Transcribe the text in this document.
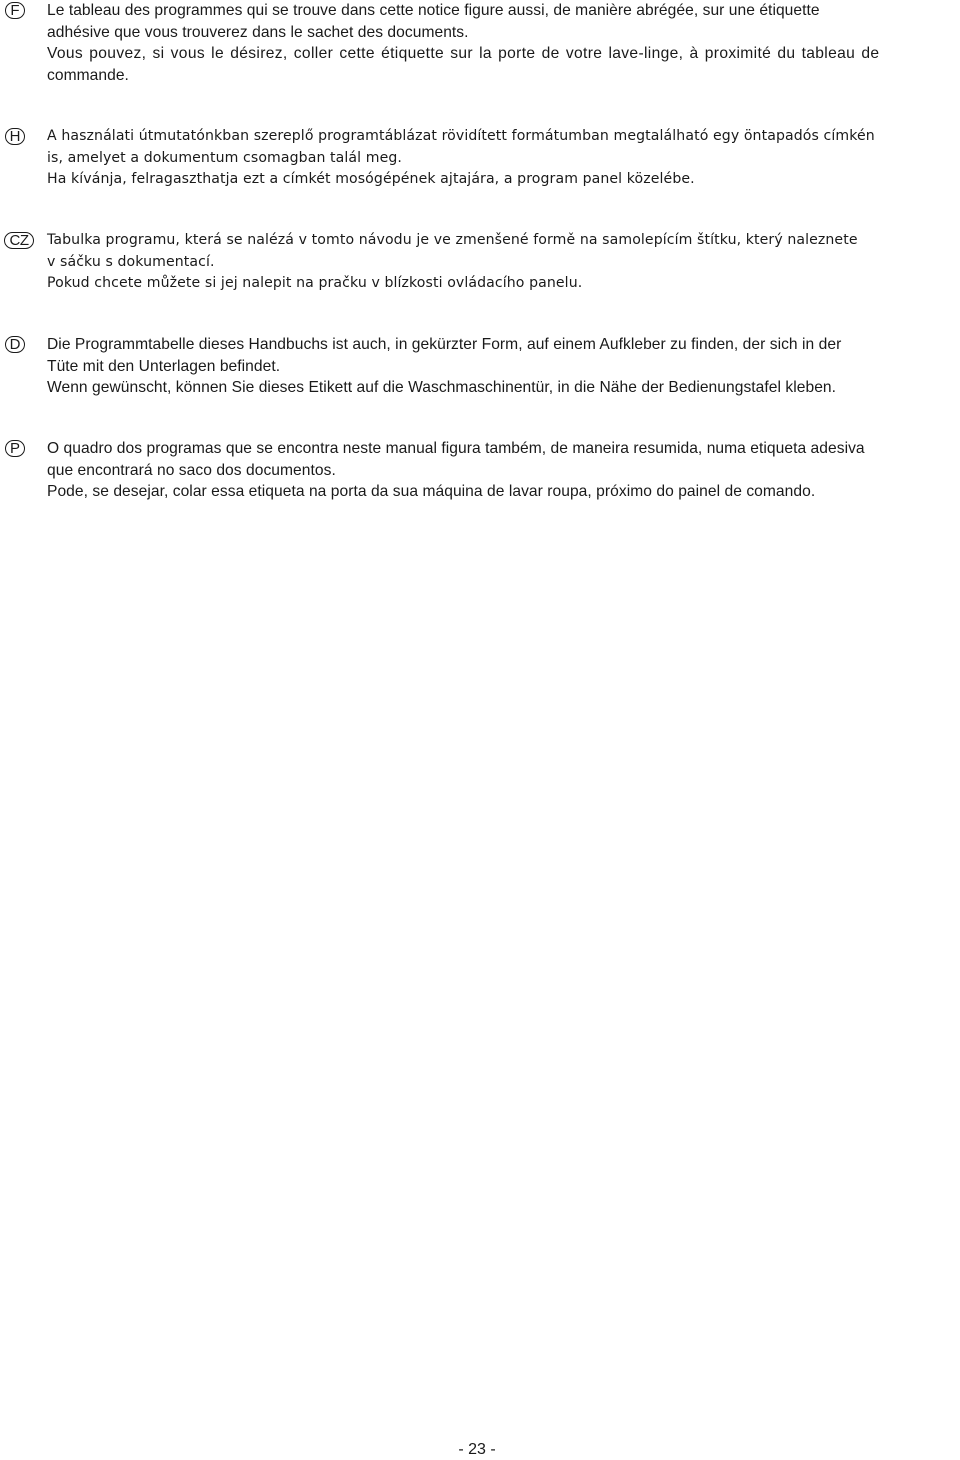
F	Le tableau des programmes qui se trouve dans cette notice figure aussi, de manière abrégée, sur une étiquette
adhésive que vous trouverez dans le sachet des documents.
Vous pouvez, si vous le désirez, coller cette étiquette sur la porte de votre lave-linge, à proximité du tableau de
commande.
H	A használati útmutatónkban szereplő programtáblázat rövidített formátumban megtalálható egy öntapadós címkén
is, amelyet a dokumentum csomagban talál meg.
Ha kívánja, felragaszthatja ezt a címkét mosógépének ajtajára, a program panel közelébe.
CZ	Tabulka programu, která se nalézá v tomto návodu je ve zmenšené formě na samolepícím štítku, který naleznete
v sáčku s dokumentací.
Pokud chcete můžete si jej nalepit na pračku v blízkosti ovládacího panelu.
D Die Programmtabelle dieses Handbuchs ist auch, in gekürzter Form, auf einem Aufkleber zu finden, der sich in der
Tüte mit den Unterlagen befindet.
Wenn gewünscht, können Sie dieses Etikett auf die Waschmaschinentür, in die Nähe der Bedienungstafel kleben.
P	O quadro dos programas que se encontra neste manual figura também, de maneira resumida, numa etiqueta adesiva
que encontrará no saco dos documentos.
Pode, se desejar, colar essa etiqueta na porta da sua máquina de lavar roupa, próximo do painel de comando.
- 23 -
